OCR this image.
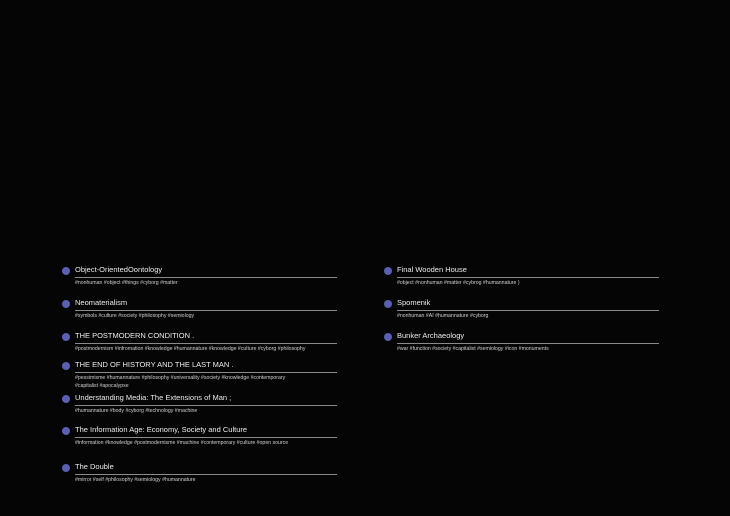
Object-OrientedOontology
#nonhuman #object #things #cyborg #matter
Neomaterialism
#symbols #culture #society #philosophy #semiology
THE POSTMODERN CONDITION .
#postmodernism #infromation #knowledge #humannature #knowledge #culture #cyborg #philosophy
THE END OF HISTORY AND THE LAST MAN .
#pessimisme #humannature #philosophy #universality #society #knowledge #contemporary #capitalist #apocalypse
Understanding Media: The Extensions of Man ;
#humannature #body #cyborg #technology #machine
The Information Age: Economy, Society and Culture
#information #knowledge #postmodernisme #machine #contemporary #culture #open source
The Double
#mirror #self #philosophy #semiology #humannature
Final Wooden House
#object #nonhuman #matter #cybrog #humannature )
Spomenik
#nonhuman #AI #humannature #cyborg
Bunker Archaeology
#war #function #society #capitalist #semiology #icon #monuments
